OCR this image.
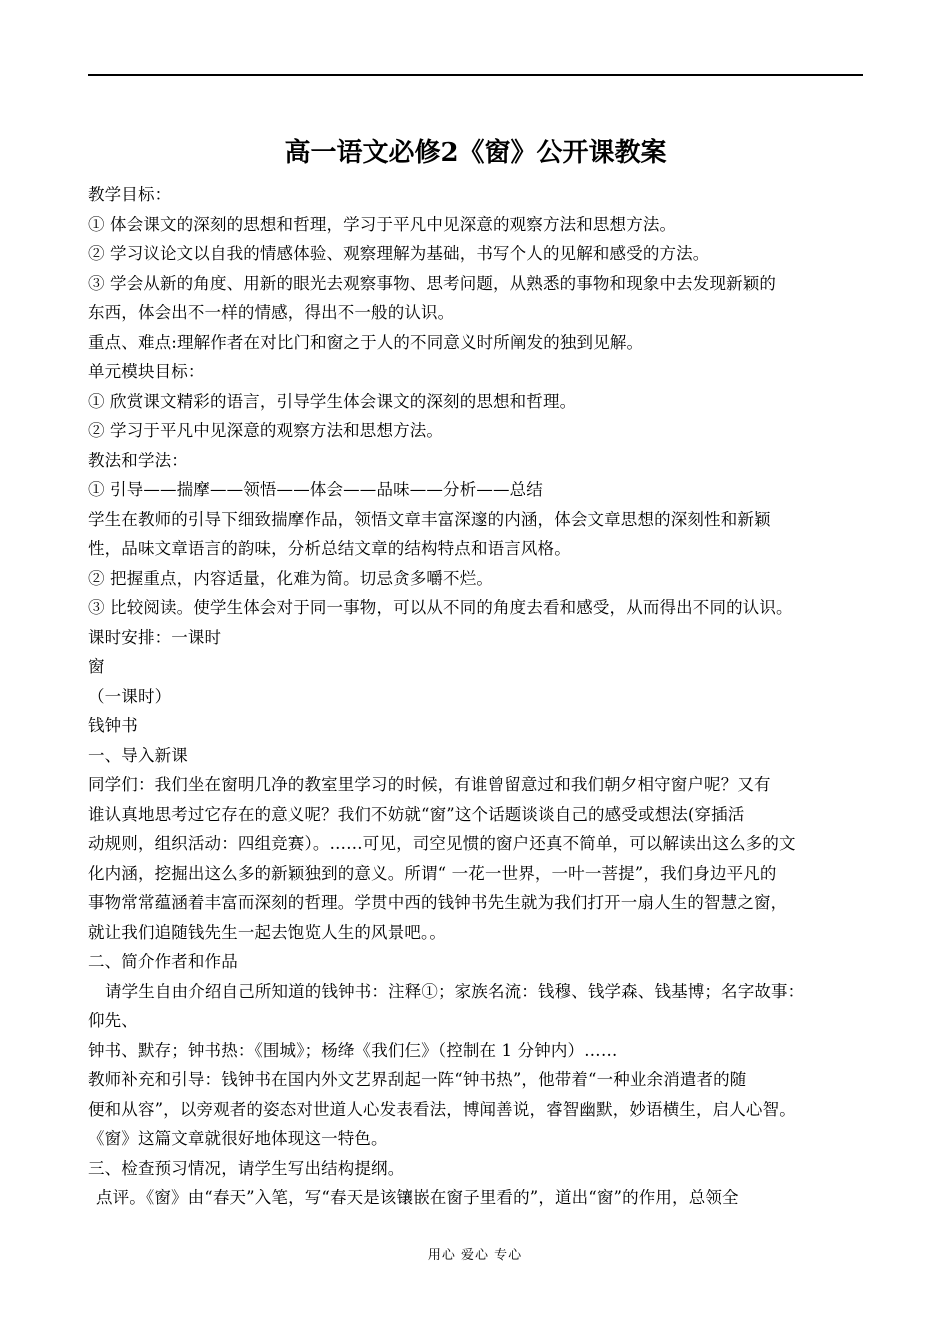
高一语文必修2《窗》公开课教案
教学目标：
① 体会课文的深刻的思想和哲理，学习于平凡中见深意的观察方法和思想方法。
② 学习议论文以自我的情感体验、观察理解为基础，书写个人的见解和感受的方法。
③ 学会从新的角度、用新的眼光去观察事物、思考问题，从熟悉的事物和现象中去发现新颖的
东西，体会出不一样的情感，得出不一般的认识。
重点、难点:理解作者在对比门和窗之于人的不同意义时所阐发的独到见解。
单元模块目标：
① 欣赏课文精彩的语言，引导学生体会课文的深刻的思想和哲理。
② 学习于平凡中见深意的观察方法和思想方法。
教法和学法：
① 引导——揣摩——领悟——体会——品味——分析——总结
学生在教师的引导下细致揣摩作品，领悟文章丰富深邃的内涵，体会文章思想的深刻性和新颖
性，品味文章语言的韵味，分析总结文章的结构特点和语言风格。
② 把握重点，内容适量，化难为简。切忌贪多嚼不烂。
③ 比较阅读。使学生体会对于同一事物，可以从不同的角度去看和感受，从而得出不同的认识。
课时安排：一课时
窗
（一课时）
钱钟书
一、导入新课
同学们：我们坐在窗明几净的教室里学习的时候，有谁曾留意过和我们朝夕相守窗户呢？又有
谁认真地思考过它存在的意义呢？我们不妨就“窗”这个话题谈谈自己的感受或想法(穿插活
动规则，组织活动：四组竞赛）。……可见，司空见惯的窗户还真不简单，可以解读出这么多的文
化内涵，挖掘出这么多的新颖独到的意义。所谓“ 一花一世界，一叶一菩提”，我们身边平凡的
事物常常蕴涵着丰富而深刻的哲理。学贯中西的钱钟书先生就为我们打开一扇人生的智慧之窗，
就让我们追随钱先生一起去饱览人生的风景吧。。
二、简介作者和作品
请学生自由介绍自己所知道的钱钟书：注释①；家族名流：钱穆、钱学森、钱基博；名字故事：
仰先、
钟书、默存；钟书热：《围城》；杨绛《我们仨》（控制在 1 分钟内）……
教师补充和引导：钱钟书在国内外文艺界刮起一阵“钟书热”，他带着“一种业余消遣者的随
便和从容”，以旁观者的姿态对世道人心发表看法，博闻善说，睿智幽默，妙语横生，启人心智。
《窗》这篇文章就很好地体现这一特色。
三、检查预习情况，请学生写出结构提纲。
点评。《窗》由“春天”入笔，写“春天是该镶嵌在窗子里看的”，道出“窗”的作用，总领全
用心 爱心 专心
